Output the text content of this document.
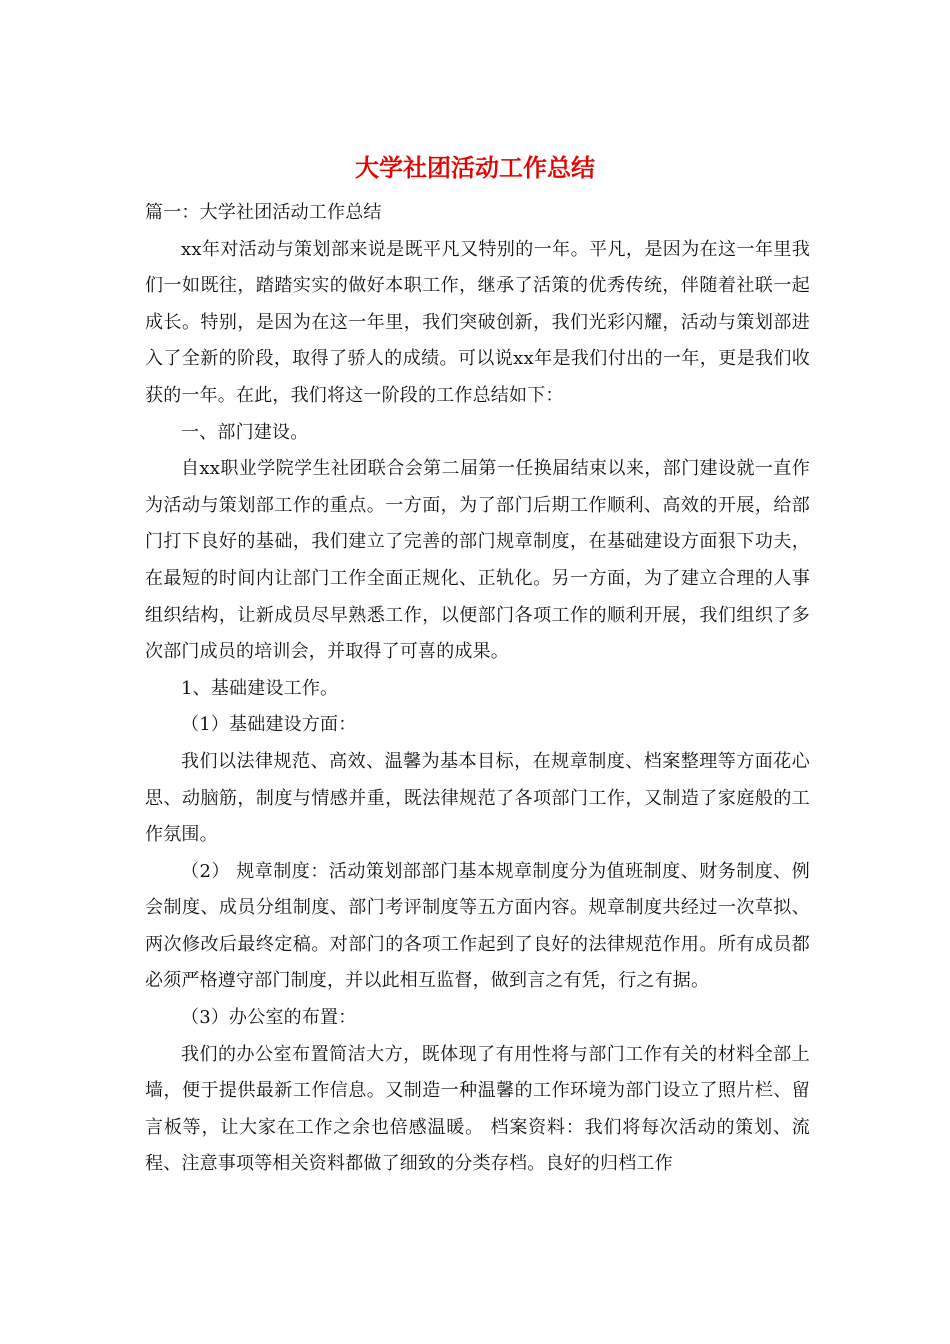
大学社团活动工作总结

篇一：大学社团活动工作总结

xx年对活动与策划部来说是既平凡又特别的一年。平凡，是因为在这一年里我们一如既往，踏踏实实的做好本职工作，继承了活策的优秀传统，伴随着社联一起成长。特别，是因为在这一年里，我们突破创新，我们光彩闪耀，活动与策划部进入了全新的阶段，取得了骄人的成绩。可以说xx年是我们付出的一年，更是我们收获的一年。在此，我们将这一阶段的工作总结如下：

一、部门建设。

自xx职业学院学生社团联合会第二届第一任换届结束以来，部门建设就一直作为活动与策划部工作的重点。一方面，为了部门后期工作顺利、高效的开展，给部门打下良好的基础，我们建立了完善的部门规章制度，在基础建设方面狠下功夫，在最短的时间内让部门工作全面正规化、正轨化。另一方面，为了建立合理的人事组织结构，让新成员尽早熟悉工作，以便部门各项工作的顺利开展，我们组织了多次部门成员的培训会，并取得了可喜的成果。

1、基础建设工作。

（1）基础建设方面：

我们以法律规范、高效、温馨为基本目标，在规章制度、档案整理等方面花心思、动脑筋，制度与情感并重，既法律规范了各项部门工作，又制造了家庭般的工作氛围。

（2） 规章制度：活动策划部部门基本规章制度分为值班制度、财务制度、例会制度、成员分组制度、部门考评制度等五方面内容。规章制度共经过一次草拟、两次修改后最终定稿。对部门的各项工作起到了良好的法律规范作用。所有成员都必须严格遵守部门制度，并以此相互监督，做到言之有凭，行之有据。

（3）办公室的布置：

我们的办公室布置简洁大方，既体现了有用性将与部门工作有关的材料全部上墙，便于提供最新工作信息。又制造一种温馨的工作环境为部门设立了照片栏、留言板等，让大家在工作之余也倍感温暖。 档案资料：我们将每次活动的策划、流程、注意事项等相关资料都做了细致的分类存档。良好的归档工作
